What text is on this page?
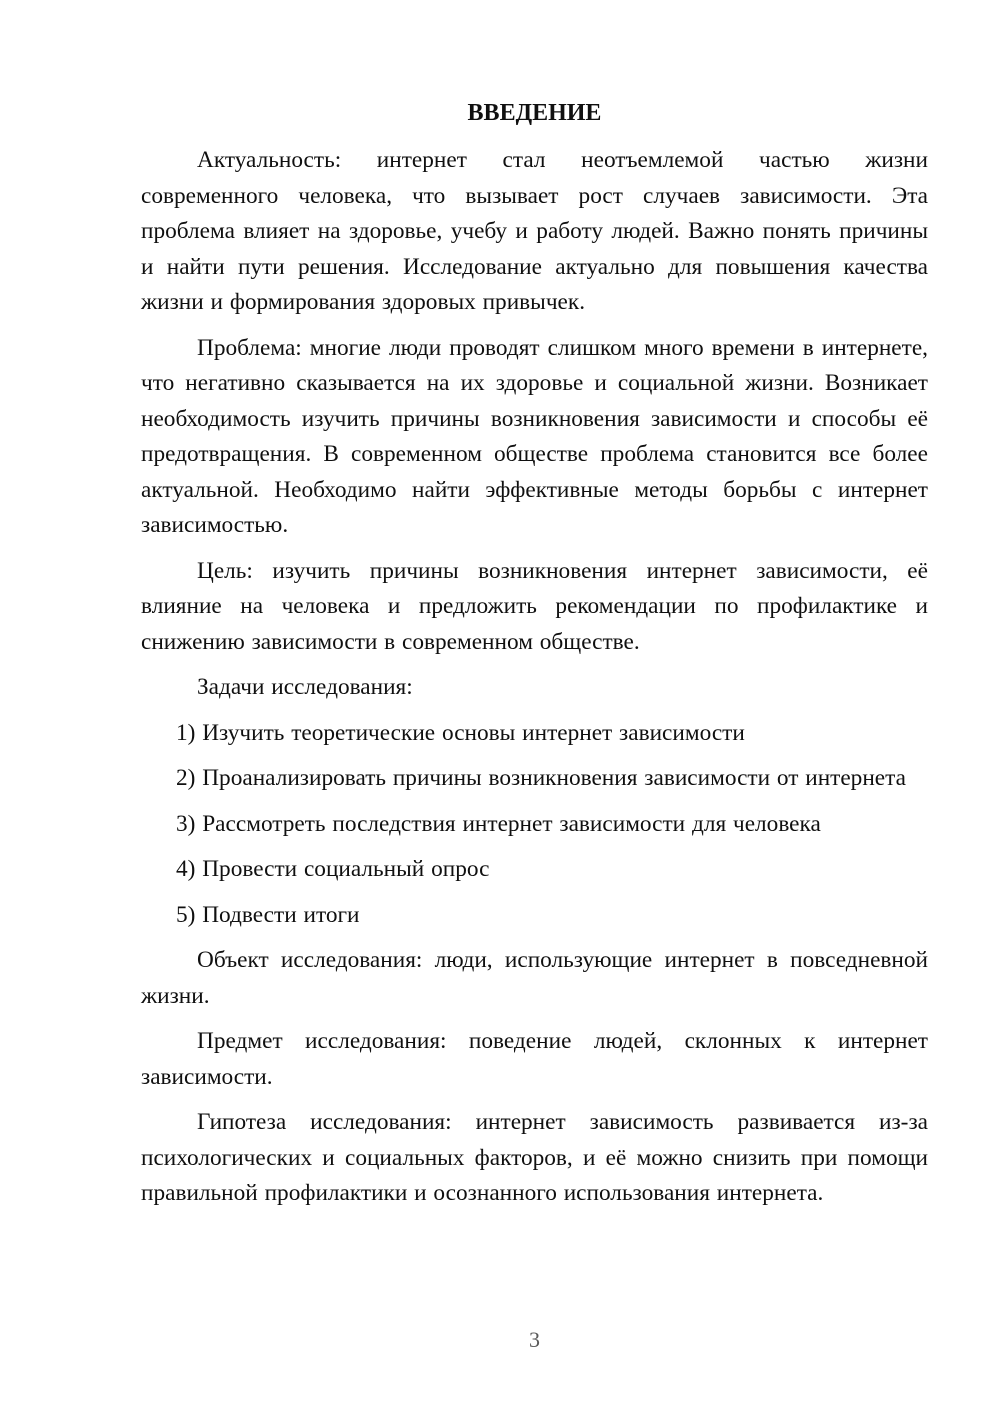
ВВЕДЕНИЕ

Актуальность: интернет стал неотъемлемой частью жизни современного человека, что вызывает рост случаев зависимости. Эта проблема влияет на здоровье, учебу и работу людей. Важно понять причины и найти пути решения. Исследование актуально для повышения качества жизни и формирования здоровых привычек.

Проблема: многие люди проводят слишком много времени в интернете, что негативно сказывается на их здоровье и социальной жизни. Возникает необходимость изучить причины возникновения зависимости и способы её предотвращения. В современном обществе проблема становится все более актуальной. Необходимо найти эффективные методы борьбы с интернет зависимостью.

Цель: изучить причины возникновения интернет зависимости, её влияние на человека и предложить рекомендации по профилактике и снижению зависимости в современном обществе.

Задачи исследования:

1) Изучить теоретические основы интернет зависимости

2) Проанализировать причины возникновения зависимости от интернета

3) Рассмотреть последствия интернет зависимости для человека

4) Провести социальный опрос

5) Подвести итоги

Объект исследования: люди, использующие интернет в повседневной жизни.

Предмет исследования: поведение людей, склонных к интернет зависимости.

Гипотеза исследования: интернет зависимость развивается из-за психологических и социальных факторов, и её можно снизить при помощи правильной профилактики и осознанного использования интернета.

3
